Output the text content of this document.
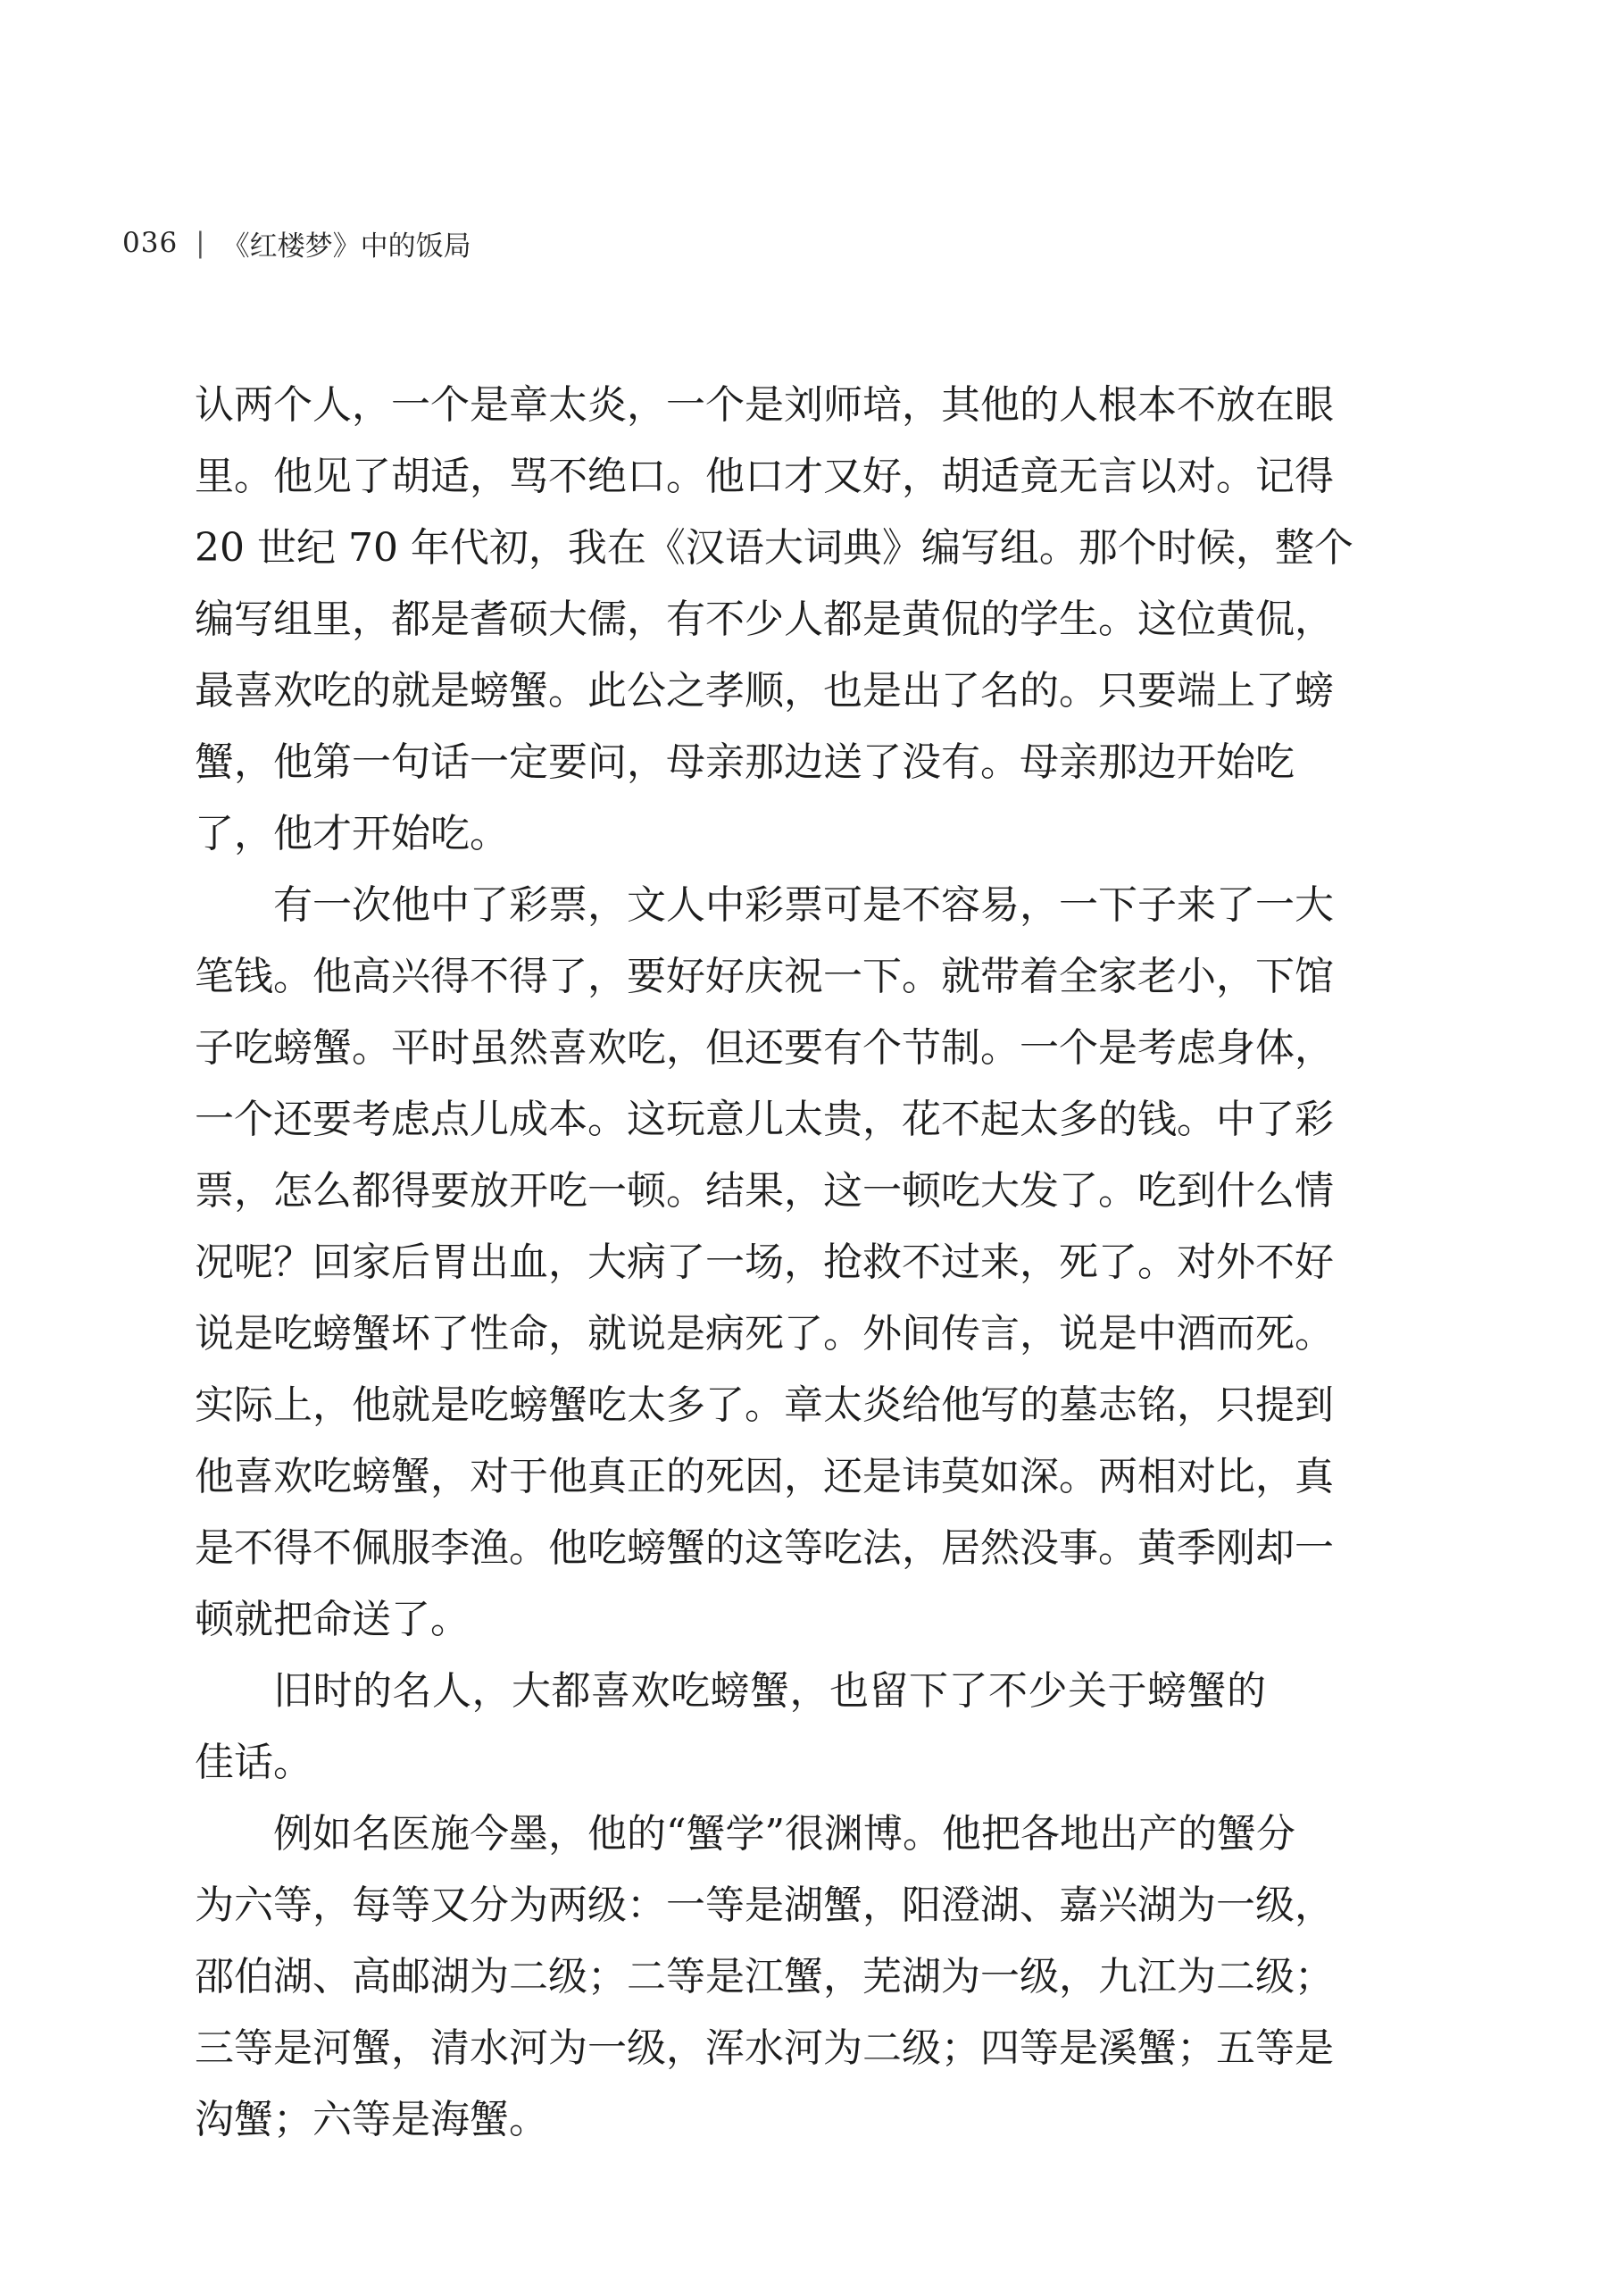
036 | 《红楼梦》中的饭局
认两个人，一个是章太炎，一个是刘师培，其他的人根本不放在眼
里。他见了胡适，骂不绝口。他口才又好，胡适竟无言以对。记得
20 世纪 70 年代初，我在《汉语大词典》编写组。那个时候，整个
编写组里，都是耆硕大儒，有不少人都是黄侃的学生。这位黄侃，
最喜欢吃的就是螃蟹。此公之孝顺，也是出了名的。只要端上了螃
蟹，他第一句话一定要问，母亲那边送了没有。母亲那边开始吃
了，他才开始吃。
有一次他中了彩票，文人中彩票可是不容易，一下子来了一大
笔钱。他高兴得不得了，要好好庆祝一下。就带着全家老小，下馆
子吃螃蟹。平时虽然喜欢吃，但还要有个节制。一个是考虑身体，
一个还要考虑点儿成本。这玩意儿太贵，花不起太多的钱。中了彩
票，怎么都得要放开吃一顿。结果，这一顿吃大发了。吃到什么情
况呢？回家后胃出血，大病了一场，抢救不过来，死了。对外不好
说是吃螃蟹坏了性命，就说是病死了。外间传言，说是中酒而死。
实际上，他就是吃螃蟹吃太多了。章太炎给他写的墓志铭，只提到
他喜欢吃螃蟹，对于他真正的死因，还是讳莫如深。两相对比，真
是不得不佩服李渔。他吃螃蟹的这等吃法，居然没事。黄季刚却一
顿就把命送了。
旧时的名人，大都喜欢吃螃蟹，也留下了不少关于螃蟹的
佳话。
例如名医施今墨，他的“蟹学”很渊博。他把各地出产的蟹分
为六等，每等又分为两级：一等是湖蟹，阳澄湖、嘉兴湖为一级，
邵伯湖、高邮湖为二级；二等是江蟹，芜湖为一级，九江为二级；
三等是河蟹，清水河为一级，浑水河为二级；四等是溪蟹；五等是
沟蟹；六等是海蟹。
